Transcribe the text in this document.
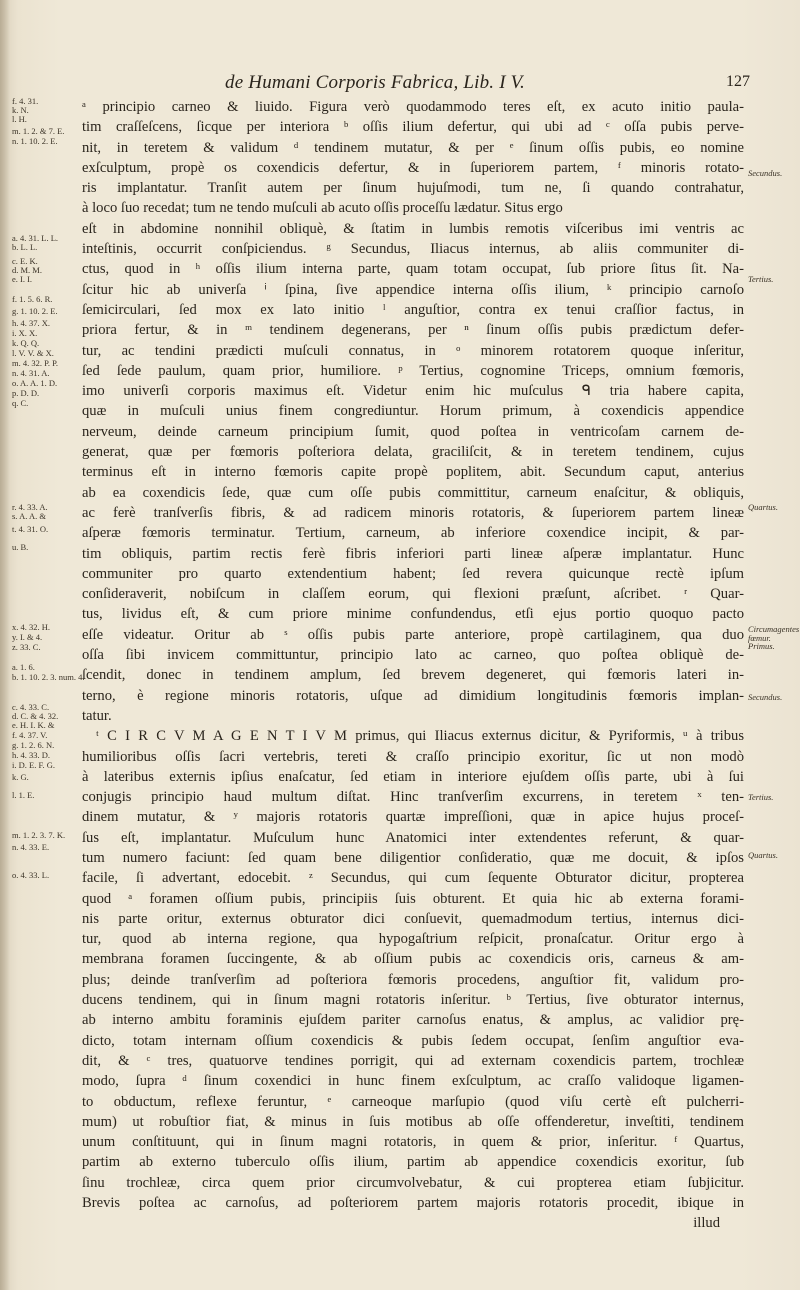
de Humani Corporis Fabrica, Lib. I V.	127
f. 4. 31.
k. N.
l. H.
m. 1. 2. & 7. E.
n. 1. 10. 2. E.
a. 4. 31. L. L.
b. L. L.
c. E. K.
d. M. M.
e. I. I.
f. 1. 5. 6. R.
g. 1. 10. 2. E.
h. 4. 37. X.
i. X. X.
k. Q. Q.
l. V. V. & X.
m. 4. 32. P. P.
n. 4. 31. A.
o. A. A. 1. D.
p. D. D.
q. C.
r. 4. 33. A.
s. A. A. &
t. 4. 31. O.
u. B.
x. 4. 32. H.
y. I. & 4.
z. 33. C.
a. 1. 6.
b. 1. 10. 2. 3. num. 4.
c. 4. 33. C.
d. C. & 4. 32.
e. H. I. K. &
f. 4. 37. V.
g. 1. 2. 6. N.
h. 4. 33. D.
i. D. E. F. G.
k. G.
l. 1. E.
m. 1. 2. 3. 7. K.
n. 4. 33. E.
o. 4. 33. L.
ᵃ principio carneo & liuido. Figura verò quodammodo teres eſt, ex acuto initio paula-
tim craſſeſcens, ſicque per interiora ᵇ oſſis ilium defertur, qui ubi ad ᶜ oſſa pubis perve-
nit, in teretem & validum ᵈ tendinem mutatur, & per ᵉ ſinum oſſis pubis, eo nomine
exſculptum, propè os coxendicis defertur, & in ſuperiorem partem, ᶠ minoris rotato-
ris implantatur. Tranſit autem per ſinum hujuſmodi, tum ne, ſi quando contrahatur,
à loco ſuo recedat; tum ne tendo muſculi ab acuto oſſis proceſſu lædatur. Situs ergo
eſt in abdomine nonnihil obliquè, & ſtatim in lumbis remotis viſceribus imi ventris ac
inteſtinis, occurrit conſpiciendus. ᵍ Secundus, Iliacus internus, ab aliis communiter di-
ctus, quod in ʰ oſſis ilium interna parte, quam totam occupat, ſub priore ſitus ſit. Na-
ſcitur hic ab univerſa ⁱ ſpina, ſive appendice interna oſſis ilium, ᵏ principio carnoſo
ſemicirculari, ſed mox ex lato initio ˡ anguſtior, contra ex tenui craſſior factus, in
priora fertur, & in ᵐ tendinem degenerans, per ⁿ ſinum oſſis pubis prædictum defer-
tur, ac tendini prædicti muſculi connatus, in ᵒ minorem rotatorem quoque inſeritur,
ſed ſede paulum, quam prior, humiliore. ᵖ Tertius, cognomine Triceps, omnium fœmoris,
imo univerſi corporis maximus eſt. Videtur enim hic muſculus ᑫ tria habere capita,
quæ in muſculi unius finem congrediuntur. Horum primum, à coxendicis appendice
nerveum, deinde carneum principium ſumit, quod poſtea in ventricoſam carnem de-
generat, quæ per fœmoris poſteriora delata, graciliſcit, & in teretem tendinem, cujus
terminus eſt in interno fœmoris capite propè poplitem, abit. Secundum caput, anterius
ab ea coxendicis ſede, quæ cum oſſe pubis committitur, carneum enaſcitur, & obliquis,
ac ferè tranſverſis fibris, & ad radicem minoris rotatoris, & ſuperiorem partem lineæ
aſperæ fœmoris terminatur. Tertium, carneum, ab inferiore coxendice incipit, & par-
tim obliquis, partim rectis ferè fibris inferiori parti lineæ aſperæ implantatur. Hunc
communiter pro quarto extendentium habent; ſed revera quicunque rectè ipſum
conſideraverit, nobiſcum in claſſem eorum, qui flexioni præſunt, aſcribet. ʳ Quar-
tus, lividus eſt, & cum priore minime confundendus, etſi ejus portio quoquo pacto
eſſe videatur. Oritur ab ˢ oſſis pubis parte anteriore, propè cartilaginem, qua duo
oſſa ſibi invicem committuntur, principio lato ac carneo, quo poſtea obliquè de-
ſcendit, donec in tendinem amplum, ſed brevem degeneret, qui fœmoris lateri in-
terno, è regione minoris rotatoris, uſque ad dimidium longitudinis fœmoris implan-
tatur.
ᵗ C I R C V M A G E N T I V M primus, qui Iliacus externus dicitur, & Pyriformis, ᵘ à tribus
humilioribus oſſis ſacri vertebris, tereti & craſſo principio exoritur, ſic ut non modò
à lateribus externis ipſius enaſcatur, ſed etiam in interiore ejuſdem oſſis parte, ubi à ſui
conjugis principio haud multum diſtat. Hinc tranſverſim excurrens, in teretem ˣ ten-
dinem mutatur, & ʸ majoris rotatoris quartæ impreſſioni, quæ in apice hujus proceſ-
ſus eſt, implantatur. Muſculum hunc Anatomici inter extendentes referunt, & quar-
tum numero faciunt: ſed quam bene diligentior conſideratio, quæ me docuit, & ipſos
facile, ſi advertant, edocebit. ᶻ Secundus, qui cum ſequente Obturator dicitur, propterea
quod ᵃ foramen oſſium pubis, principiis ſuis obturent. Et quia hic ab externa forami-
nis parte oritur, externus obturator dici conſuevit, quemadmodum tertius, internus dici-
tur, quod ab interna regione, qua hypogaſtrium reſpicit, pronaſcatur. Oritur ergo à
membrana foramen ſuccingente, & ab oſſium pubis ac coxendicis oris, carneus & am-
plus; deinde tranſverſim ad poſteriora fœmoris procedens, anguſtior fit, validum pro-
ducens tendinem, qui in ſinum magni rotatoris inſeritur. ᵇ Tertius, ſive obturator internus,
ab interno ambitu foraminis ejuſdem pariter carnoſus enatus, & amplus, ac validior prę-
dicto, totam internam oſſium coxendicis & pubis ſedem occupat, ſenſim anguſtior eva-
dit, & ᶜ tres, quatuorve tendines porrigit, qui ad externam coxendicis partem, trochleæ
modo, ſupra ᵈ ſinum coxendici in hunc finem exſculptum, ac craſſo validoque ligamen-
to obductum, reflexe feruntur, ᵉ carneoque marſupio (quod viſu certè eſt pulcherri-
mum) ut robuſtior fiat, & minus in ſuis motibus ab oſſe offenderetur, inveſtiti, tendinem
unum conſtituunt, qui in ſinum magni rotatoris, in quem & prior, inſeritur. ᶠ Quartus,
partim ab externo tuberculo oſſis ilium, partim ab appendice coxendicis exoritur, ſub
ſinu trochleæ, circa quem prior circumvolvebatur, & cui propterea etiam ſubjicitur.
Brevis poſtea ac carnoſus, ad poſteriorem partem majoris rotatoris procedit, ibique in
illud
Secundus.
Tertius.
Quartus.
Circumagentes fœmur.
Primus.
Secundus.
Tertius.
Quartus.
